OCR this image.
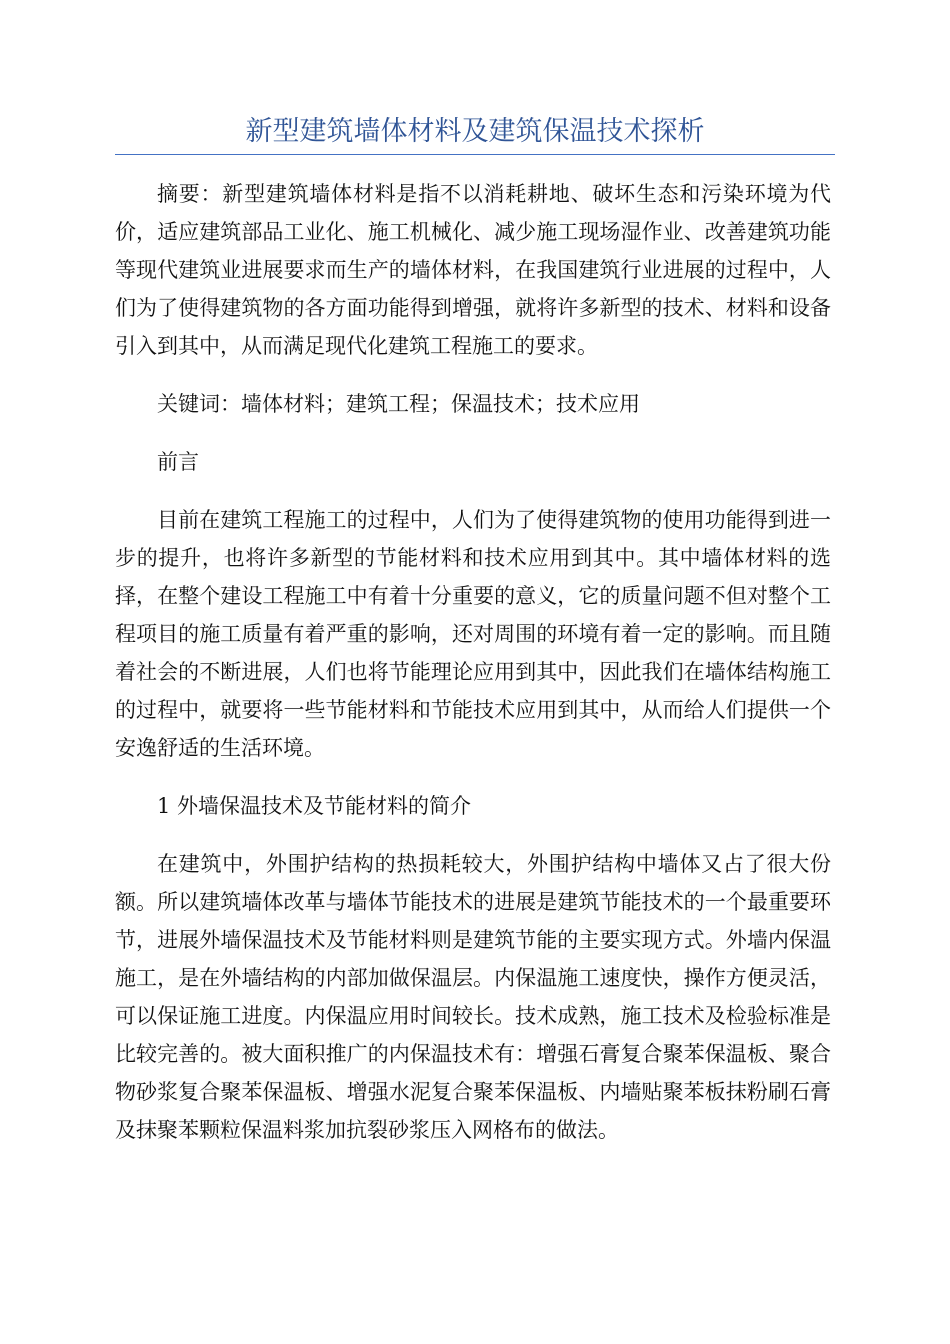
新型建筑墙体材料及建筑保温技术探析

摘要：新型建筑墙体材料是指不以消耗耕地、破坏生态和污染环境为代价，适应建筑部品工业化、施工机械化、减少施工现场湿作业、改善建筑功能等现代建筑业进展要求而生产的墙体材料，在我国建筑行业进展的过程中，人们为了使得建筑物的各方面功能得到增强，就将许多新型的技术、材料和设备引入到其中，从而满足现代化建筑工程施工的要求。

关键词：墙体材料；建筑工程；保温技术；技术应用

前言

目前在建筑工程施工的过程中，人们为了使得建筑物的使用功能得到进一步的提升，也将许多新型的节能材料和技术应用到其中。其中墙体材料的选择，在整个建设工程施工中有着十分重要的意义，它的质量问题不但对整个工程项目的施工质量有着严重的影响，还对周围的环境有着一定的影响。而且随着社会的不断进展，人们也将节能理论应用到其中，因此我们在墙体结构施工的过程中，就要将一些节能材料和节能技术应用到其中，从而给人们提供一个安逸舒适的生活环境。

1 外墙保温技术及节能材料的简介

在建筑中，外围护结构的热损耗较大，外围护结构中墙体又占了很大份额。所以建筑墙体改革与墙体节能技术的进展是建筑节能技术的一个最重要环节，进展外墙保温技术及节能材料则是建筑节能的主要实现方式。外墙内保温施工，是在外墙结构的内部加做保温层。内保温施工速度快，操作方便灵活，可以保证施工进度。内保温应用时间较长。技术成熟，施工技术及检验标准是比较完善的。被大面积推广的内保温技术有：增强石膏复合聚苯保温板、聚合物砂浆复合聚苯保温板、增强水泥复合聚苯保温板、内墙贴聚苯板抹粉刷石膏及抹聚苯颗粒保温料浆加抗裂砂浆压入网格布的做法。
